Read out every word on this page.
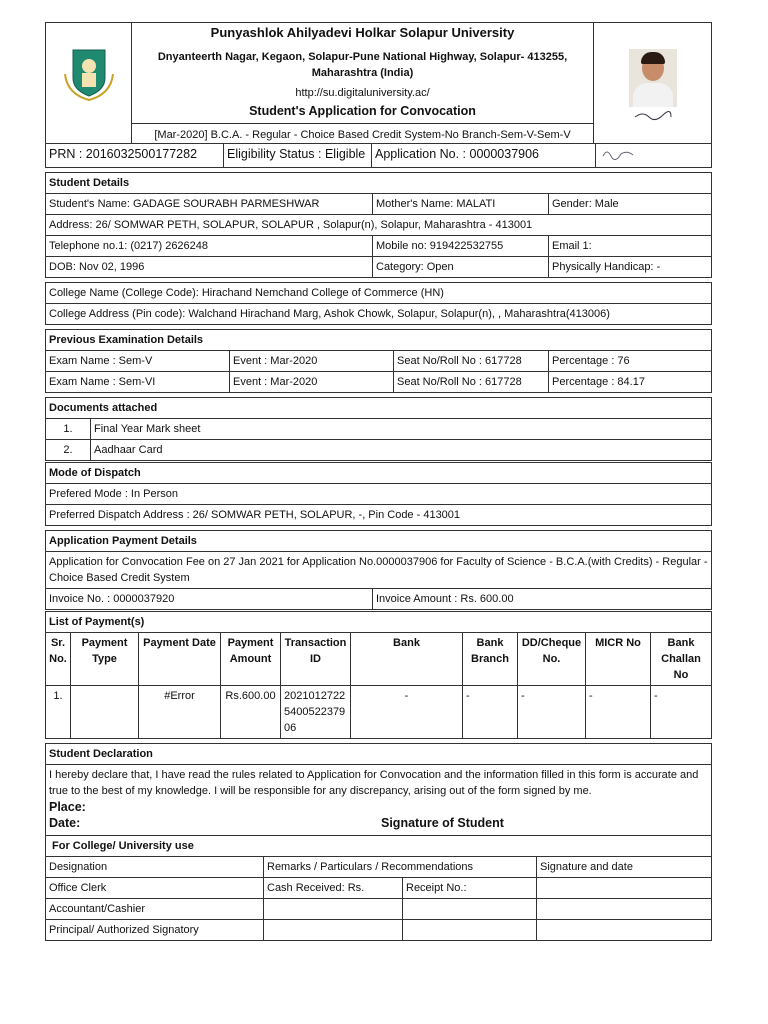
Punyashlok Ahilyadevi Holkar Solapur University
Dnyanteerth Nagar, Kegaon, Solapur-Pune National Highway, Solapur- 413255,
Maharashtra (India)
http://su.digitaluniversity.ac/
Student's Application for Convocation
[Mar-2020] B.C.A. - Regular - Choice Based Credit System-No Branch-Sem-V-Sem-V

PRN : 2016032500177282	Eligibility Status : Eligible	Application No. : 0000037906	
Student Details		
Student's Name: GADAGE SOURABH PARMESHWAR	Mother's Name: MALATI	Gender: Male
Address: 26/ SOMWAR PETH, SOLAPUR, SOLAPUR , Solapur(n), Solapur, Maharashtra - 413001		
Telephone no.1: (0217) 2626248	Mobile no: 919422532755	Email 1:
DOB: Nov 02, 1996	Category: Open	Physically Handicap: -
College Name (College Code): Hirachand Nemchand College of Commerce (HN)
College Address (Pin code): Walchand Hirachand Marg, Ashok Chowk, Solapur, Solapur(n), , Maharashtra(413006)
Previous Examination Details			
Exam Name : Sem-V	Event : Mar-2020	Seat No/Roll No : 617728	Percentage : 76
Exam Name : Sem-VI	Event : Mar-2020	Seat No/Roll No : 617728	Percentage : 84.17
Documents attached	
1.	Final Year Mark sheet
2.	Aadhaar Card
Mode of Dispatch
Prefered Mode : In Person
Preferred Dispatch Address : 26/ SOMWAR PETH, SOLAPUR, -, Pin Code - 413001
Application Payment Details
Application for Convocation Fee on 27 Jan 2021 for Application No.0000037906 for Faculty of Science - B.C.A.(with Credits) - Regular - Choice Based Credit System
Invoice No. : 0000037920	Invoice Amount : Rs. 600.00
List of Payment(s)									
Sr. No.	Payment Type	Payment Date	Payment Amount	Transaction ID	Bank	Bank Branch	DD/Cheque No.	MICR No	Bank Challan No
1.		#Error	Rs.600.00	2021012722 5400522379 06	-	-	-	-	-
Student Declaration

I hereby declare that, I have read the rules related to Application for Convocation and the information filled in this form is accurate and true to the best of my knowledge. I will be responsible for any discrepancy, arising out of the form signed by me.
Place:
Date:	Signature of Student
For College/ University use			
Designation	Remarks / Particulars / Recommendations		Signature and date
Office Clerk	Cash Received: Rs.	Receipt No.:	
Accountant/Cashier			
Principal/ Authorized Signatory			
